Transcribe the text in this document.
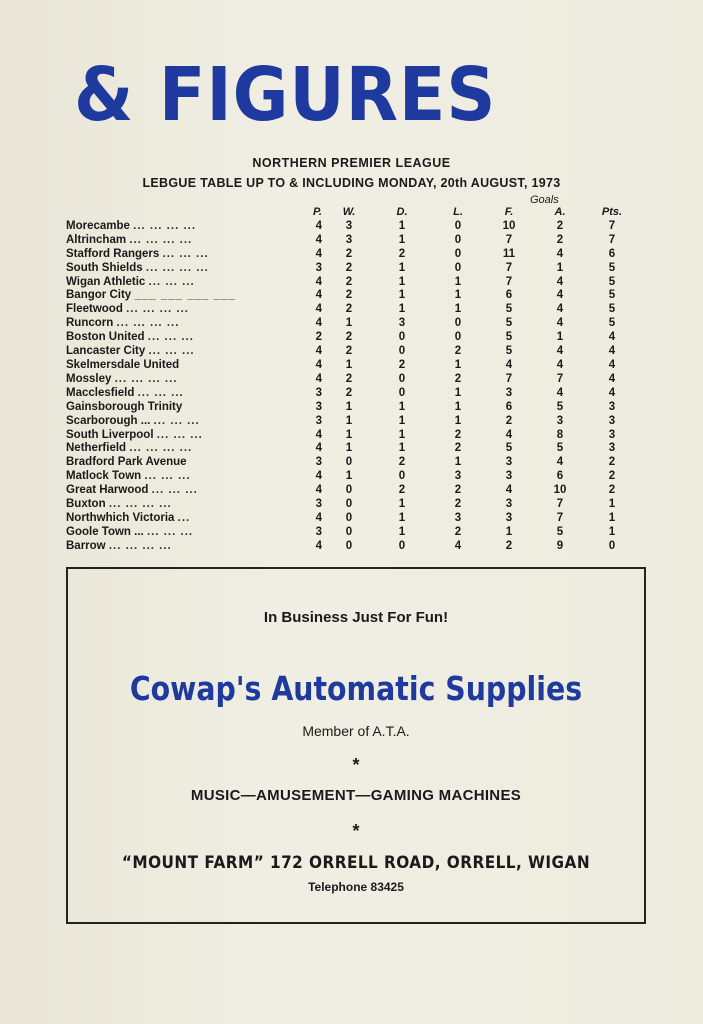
& FIGURES
NORTHERN PREMIER LEAGUE
LEBGUE TABLE UP TO & INCLUDING MONDAY, 20th AUGUST, 1973
Goals
	P.	W.	D.	L.	F.	A.	Pts.
Morecambe ... ... ... ...	4	3	1	0	10	2	7
Altrincham ... ... ... ...	4	3	1	0	7	2	7
Stafford Rangers ... ... ...	4	2	2	0	11	4	6
South Shields ... ... ... ...	3	2	1	0	7	1	5
Wigan Athletic ... ... ...	4	2	1	1	7	4	5
Bangor City ___ ___ ___ ___	4	2	1	1	6	4	5
Fleetwood ... ... ... ...	4	2	1	1	5	4	5
Runcorn ... ... ... ...	4	1	3	0	5	4	5
Boston United ... ... ...	2	2	0	0	5	1	4
Lancaster City ... ... ...	4	2	0	2	5	4	4
Skelmersdale United	4	1	2	1	4	4	4
Mossley ... ... ... ...	4	2	0	2	7	7	4
Macclesfield ... ... ...	3	2	0	1	3	4	4
Gainsborough Trinity	3	1	1	1	6	5	3
Scarborough ... ... ... ...	3	1	1	1	2	3	3
South Liverpool ... ... ...	4	1	1	2	4	8	3
Netherfield ... ... ... ...	4	1	1	2	5	5	3
Bradford Park Avenue	3	0	2	1	3	4	2
Matlock Town ... ... ...	4	1	0	3	3	6	2
Great Harwood ... ... ...	4	0	2	2	4	10	2
Buxton ... ... ... ...	3	0	1	2	3	7	1
Northwhich Victoria ...	4	0	1	3	3	7	1
Goole Town ... ... ... ...	3	0	1	2	1	5	1
Barrow ... ... ... ...	4	0	0	4	2	9	0
In Business Just For Fun!
Cowap's Automatic Supplies
Member of A.T.A.
*
MUSIC—AMUSEMENT—GAMING MACHINES
*
“MOUNT FARM” 172 ORRELL ROAD, ORRELL, WIGAN
Telephone 83425
